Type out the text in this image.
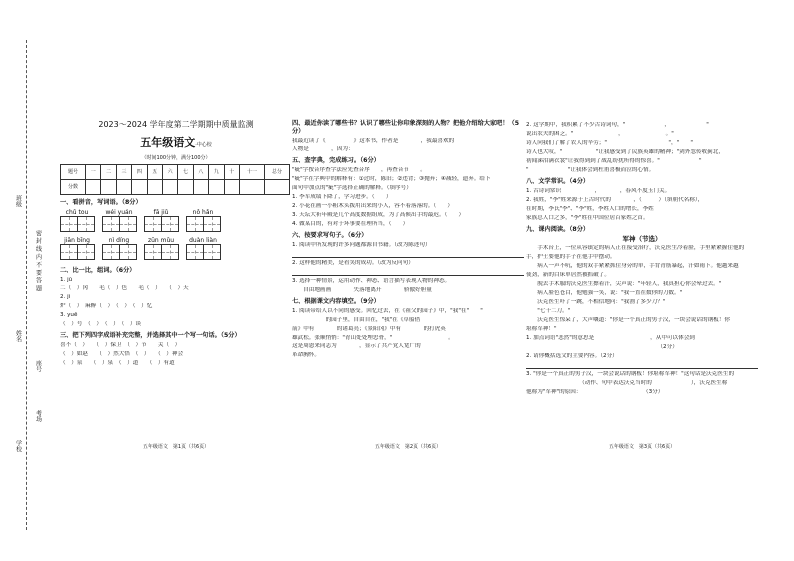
班级
姓名
学校
密 封 线 内 不 要 答 题
座号
考场
2023～2024 学年度第二学期期中质量监测
五年级语文·中心校
（时间100分钟，满分100分）
题号	一	二	三	四	五	六	七	八	九	十	十一	总分
分数												
一、看拼音，写词语。（8分）
chǔ tou	wéi yuán	fā jiǔ	nǒ hǎn
jiān bīng	nì díng	zūn mǔu	duàn liàn
二、比一比，组词。（6分）
1. jū
二（　）冈　　毛（　）色　　毛（　）　　（　）天
2. jì
炉（　）　麻醉（　）　（　）　（　）忆
3. yuē
（　）号　（　）　（　）　（　）谈
三、把下列四字成语补充完整，并选择其中一个写一句话。（5分）
喜不（　）　　（　）保卫　（　）节　　关（　）
（　）如赵　　（　）然大悟　（　）　　（　）神会
（　）泉　　（　）泉　（　）道　　（　）有道
五年级语文　第1页（共6页）
四、最近你读了哪些书？认识了哪些让你印象深刻的人物？把他介绍给大家吧！（5分）
我最近读了《　　　　　》这本书，作者是　　　　，我最喜欢的
人物是　　　　，因为：　　　　　　　　　　　　　　　　
五、查字典，完成练习。（6分）
"疵"字按音序查字法应先查音序　　，再查音节　　。
"疵"字在字典中的解释有：①过时，陈旧；②违背；③抛弃；④减轻，遗弃。给下
面句中加点的"疵"字选择正确的解释。（填序号）
1. 李军成绩下降了，学习进步。（　　）
2. 小花在画一小粗木头拨用出来的小人，容不着落落的。（　　）
3. 天坛大祈年殿是几个高度数据组成，为了高候出手的最迟。（　　）
4. 做某目的，有对于坏事要在理所当，（　　）
六、按要求写句子。（6分）
1. 阅读中所发现的许多问题都源自书籍。（改为陈述句）
2. 这样他的精美，是看笑的成功。（改为反问句）
3. 选择一种情景，运用动作、神态、语言描写表现人物的神态。
　　自由地画画　　　　失落地离开　　　　骄傲好胆量
七、根据课文内容填空。（9分）
1. 阅读带给人以不同的感受。回忆过去，在《祖父的园子》中，"我"在"　　"
　　　　　　的园子里，自由自在，"我"在《草船借
箭》中有　　　　的诸葛亮；《景阳冈》中有　　　　的打虎英
雄武松。张顺悄悄："青山处处埋忠骨，"　　　　　　　　　　。　　　　　　　
这是周恩来同志为　　　　，显示了共产党人宽广的
革命胸怀。
五年级语文　第2页（共6页）
2. 这学期中，我积累了不少古诗词句，"　　　　　　　，　　　　　　　"
说出农夫的困乏。"　　　　　　　　，　　　　　　　　。"
诗人向我们了解了农人的辛劳；"　　　　　　　　　　　"，"　　"
诗人也大叹，"　　　　　　"让我感受到了民族英雄的精神；"剑外忽传收蓟北，
初闻涕泪满衣裳"让我得到到了战乱纷扰所得的惊喜。"　　　　　　　"
"　　　　　　　"让我体会到杜甫喜极而泣的心情。
八、文学常识。（4分）
1. 古诗词常识　　　　　　，　　　　，春风不度玉门关。
2. 我姓，"李"姓来源于上古时代的　　　　，（　　　）（填朝代名称），
在时期，李氏"李"、"李"姓，李姓人口的增长，李姓
家族总人口之多，"李"姓在中国位居百家姓之首。
九、课内阅读。（8分）
军神（节选）
　　手术台上，一位从容镇定的病人正在接受治疗，沃克医生冷着脸，手里紧紧握住他的
手，护士要他的手子在他手中摆动。
　　病人一声不吭，他的双手紧紧抓住身旁的单，手背青筋暴起，汗如雨下。他越来越
使劲，新的白床单居然被抓破了。
　　脱去手术服的沃克医生擦着汗，尖声说："年轻人，我真担心你会晕过去。"
　　病人脸色苍白，他勉强一笑，说："我一直在数你的刀数。"
　　沃克医生吓了一跳，不相信地问："我割了多少刀？"
　　"七十二刀。"
　　沃克医生惊呆了，大声嚷道："你是一个真正的男子汉，一块会说话的钢板！你
堪称军神！"
1. 加点词语"悲然"的意思是　　　　　　　　　　，从中可以体会到
　　　　　　　　　　　　　　　　　　　　　　　　（2分）
2. 请你概括选文的主要内容。（2分）
3. "你是一个真正的男子汉，一块会说话的钢板！你堪称军神！"这句话是沃克医生的
　　　　　　　　　　（动作、句中表达沃克当时的　　　　　　　），沃克医生称
他称为"军神"的原因：　　　　　　　　　　　　（3分）
五年级语文　第3页（共6页）
